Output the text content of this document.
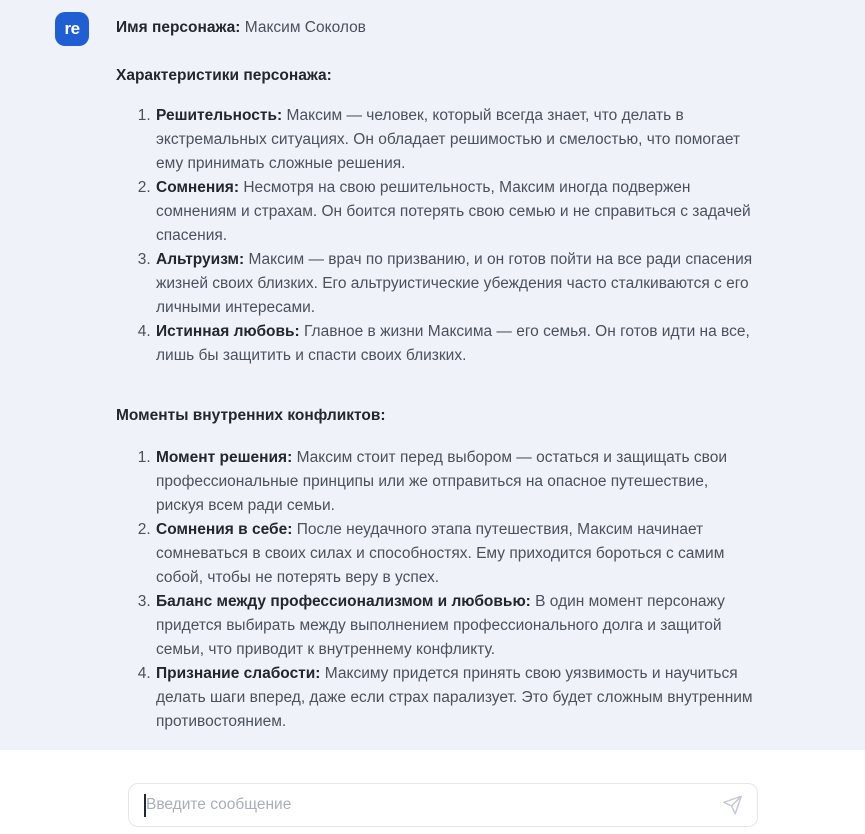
re Имя персонажа: Максим Соколов

Характеристики персонажа:

1. Решительность: Максим — человек, который всегда знает, что делать в экстремальных ситуациях. Он обладает решимостью и смелостью, что помогает ему принимать сложные решения.
2. Сомнения: Несмотря на свою решительность, Максим иногда подвержен сомнениям и страхам. Он боится потерять свою семью и не справиться с задачей спасения.
3. Альтруизм: Максим — врач по призванию, и он готов пойти на все ради спасения жизней своих близких. Его альтруистические убеждения часто сталкиваются с его личными интересами.
4. Истинная любовь: Главное в жизни Максима — его семья. Он готов идти на все, лишь бы защитить и спасти своих близких.

Моменты внутренних конфликтов:

1. Момент решения: Максим стоит перед выбором — остаться и защищать свои профессиональные принципы или же отправиться на опасное путешествие, рискуя всем ради семьи.
2. Сомнения в себе: После неудачного этапа путешествия, Максим начинает сомневаться в своих силах и способностях. Ему приходится бороться с самим собой, чтобы не потерять веру в успех.
3. Баланс между профессионализмом и любовью: В один момент персонажу придется выбирать между выполнением профессионального долга и защитой семьи, что приводит к внутреннему конфликту.
4. Признание слабости: Максиму придется принять свою уязвимость и научиться делать шаги вперед, даже если страх парализует. Это будет сложным внутренним противостоянием.
Введите сообщение
